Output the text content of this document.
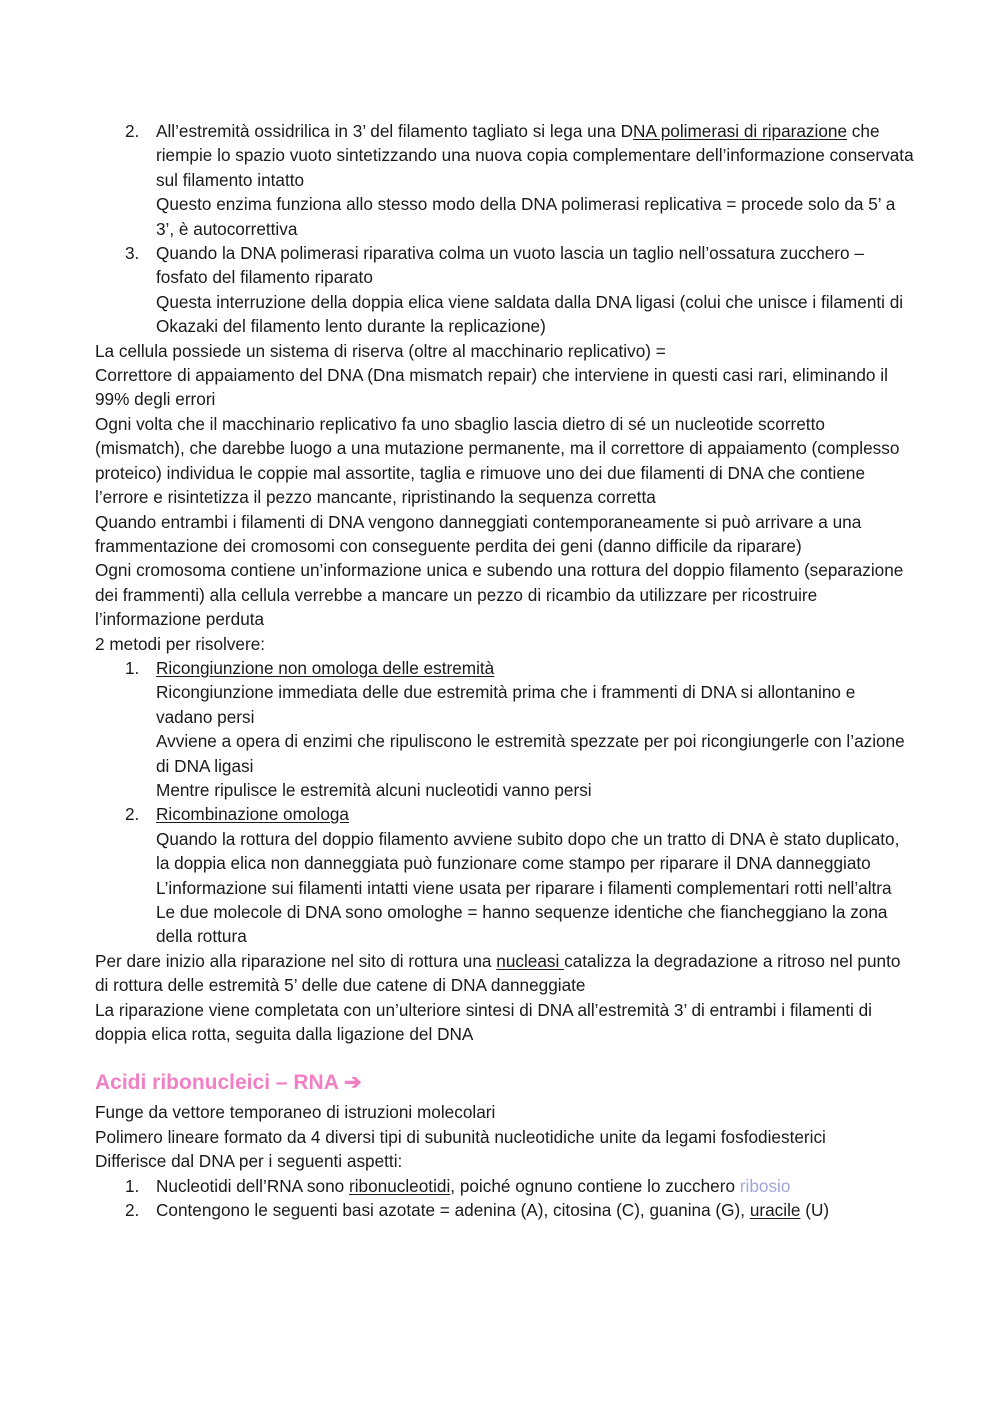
2. All’estremità ossidrilica in 3’ del filamento tagliato si lega una DNA polimerasi di riparazione che riempie lo spazio vuoto sintetizzando una nuova copia complementare dell’informazione conservata sul filamento intatto
Questo enzima funziona allo stesso modo della DNA polimerasi replicativa = procede solo da 5’ a 3’, è autocorrettiva
3. Quando la DNA polimerasi riparativa colma un vuoto lascia un taglio nell’ossatura zucchero – fosfato del filamento riparato
Questa interruzione della doppia elica viene saldata dalla DNA ligasi (colui che unisce i filamenti di Okazaki del filamento lento durante la replicazione)
La cellula possiede un sistema di riserva (oltre al macchinario replicativo) =
Correttore di appaiamento del DNA (Dna mismatch repair) che interviene in questi casi rari, eliminando il 99% degli errori
Ogni volta che il macchinario replicativo fa uno sbaglio lascia dietro di sé un nucleotide scorretto (mismatch), che darebbe luogo a una mutazione permanente, ma il correttore di appaiamento (complesso proteico) individua le coppie mal assortite, taglia e rimuove uno dei due filamenti di DNA che contiene l’errore e risintetizza il pezzo mancante, ripristinando la sequenza corretta
Quando entrambi i filamenti di DNA vengono danneggiati contemporaneamente si può arrivare a una frammentazione dei cromosomi con conseguente perdita dei geni (danno difficile da riparare)
Ogni cromosoma contiene un’informazione unica e subendo una rottura del doppio filamento (separazione dei frammenti) alla cellula verrebbe a mancare un pezzo di ricambio da utilizzare per ricostruire l’informazione perduta
2 metodi per risolvere:
1. Ricongiunzione non omologa delle estremità
Ricongiunzione immediata delle due estremità prima che i frammenti di DNA si allontanino e vadano persi
Avviene a opera di enzimi che ripuliscono le estremità spezzate per poi ricongiungerle con l’azione di DNA ligasi
Mentre ripulisce le estremità alcuni nucleotidi vanno persi
2. Ricombinazione omologa
Quando la rottura del doppio filamento avviene subito dopo che un tratto di DNA è stato duplicato, la doppia elica non danneggiata può funzionare come stampo per riparare il DNA danneggiato
L’informazione sui filamenti intatti viene usata per riparare i filamenti complementari rotti nell’altra
Le due molecole di DNA sono omologhe = hanno sequenze identiche che fiancheggiano la zona della rottura
Per dare inizio alla riparazione nel sito di rottura una nucleasi catalizza la degradazione a ritroso nel punto di rottura delle estremità 5’ delle due catene di DNA danneggiate
La riparazione viene completata con un’ulteriore sintesi di DNA all’estremità 3’ di entrambi i filamenti di doppia elica rotta, seguita dalla ligazione del DNA
Acidi ribonucleici – RNA ➔
Funge da vettore temporaneo di istruzioni molecolari
Polimero lineare formato da 4 diversi tipi di subunità nucleotidiche unite da legami fosfodiesterici
Differisce dal DNA per i seguenti aspetti:
1. Nucleotidi dell’RNA sono ribonucleotidi, poiché ognuno contiene lo zucchero ribosio
2. Contengono le seguenti basi azotate = adenina (A), citosina (C), guanina (G), uracile (U)
